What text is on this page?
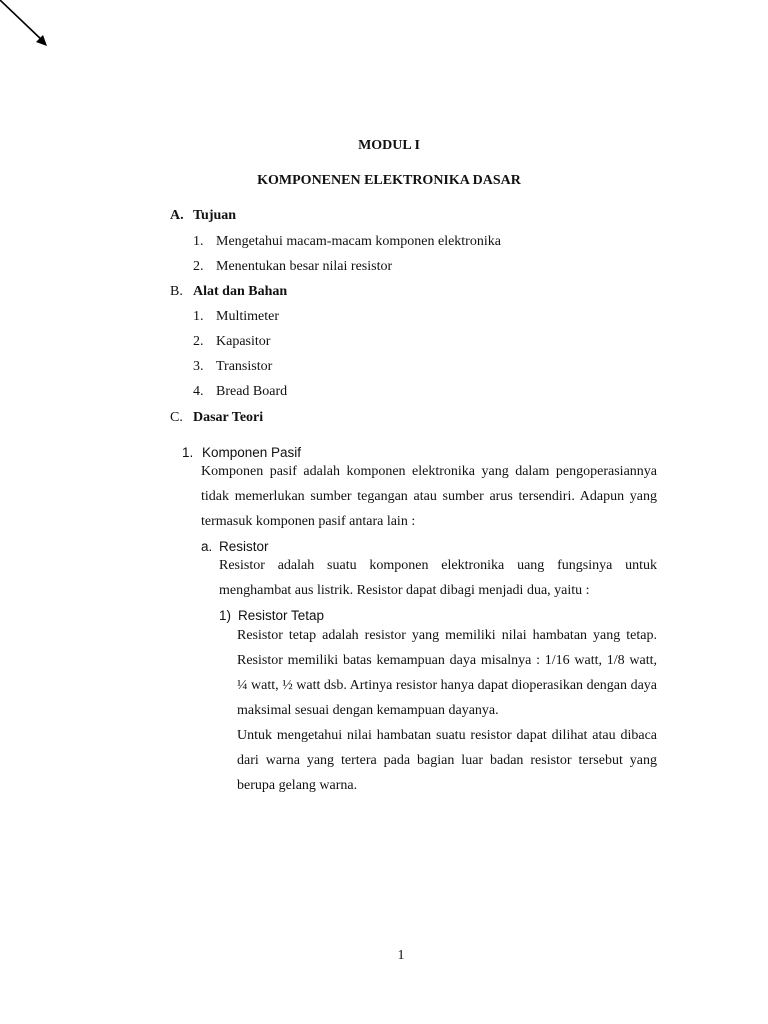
MODUL I
KOMPONENEN ELEKTRONIKA DASAR
A. Tujuan
1. Mengetahui macam-macam komponen elektronika
2. Menentukan besar nilai resistor
B. Alat dan Bahan
1. Multimeter
2. Kapasitor
3. Transistor
4. Bread Board
C. Dasar Teori
1. Komponen Pasif

Komponen pasif adalah komponen elektronika yang dalam pengoperasiannya tidak memerlukan sumber tegangan atau sumber arus tersendiri. Adapun yang termasuk komponen pasif antara lain :

a. Resistor

Resistor adalah suatu komponen elektronika uang fungsinya untuk menghambat aus listrik. Resistor dapat dibagi menjadi dua, yaitu :

1) Resistor Tetap

Resistor tetap adalah resistor yang memiliki nilai hambatan yang tetap. Resistor memiliki batas kemampuan daya misalnya : 1/16 watt, 1/8 watt, ¼ watt, ½ watt dsb. Artinya resistor hanya dapat dioperasikan dengan daya maksimal sesuai dengan kemampuan dayanya.

Untuk mengetahui nilai hambatan suatu resistor dapat dilihat atau dibaca dari warna yang tertera pada bagian luar badan resistor tersebut yang berupa gelang warna.

1
